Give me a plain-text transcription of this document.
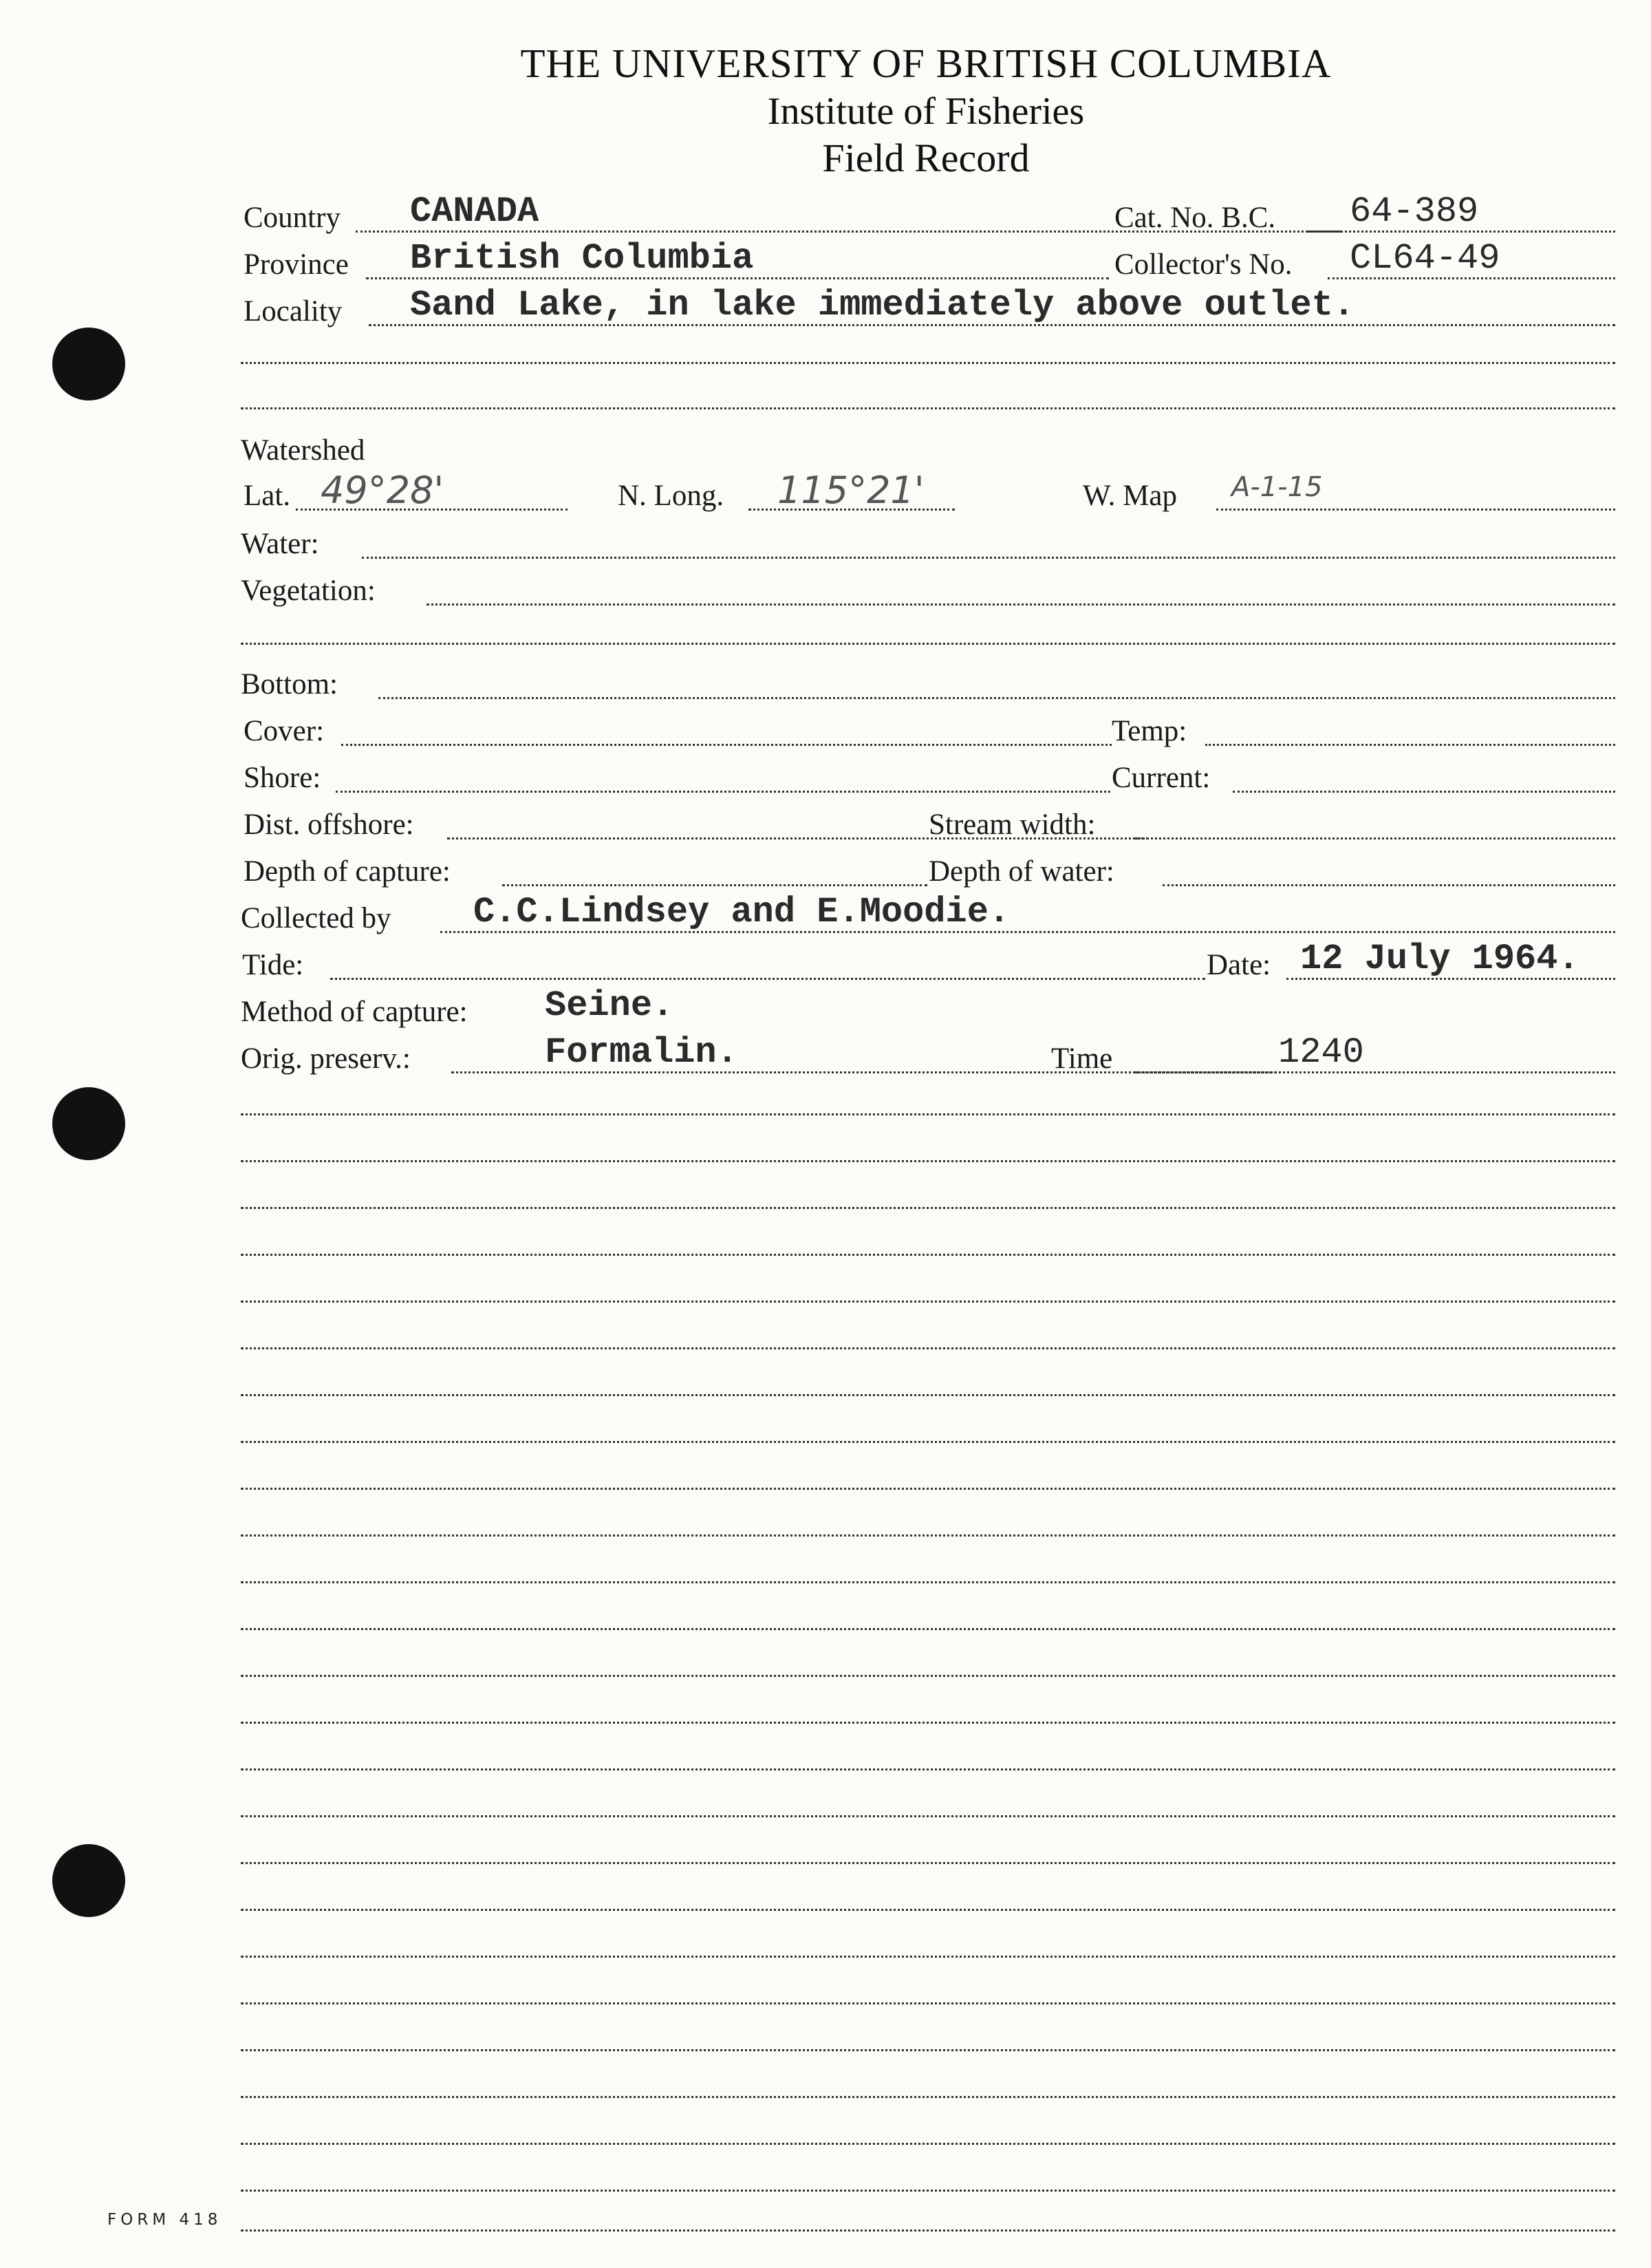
THE UNIVERSITY OF BRITISH COLUMBIA
Institute of Fisheries
Field Record
Country CANADA	Cat. No. B.C. 64-389
Province British Columbia	Collector's No. CL64-49
Locality Sand Lake, in lake immediately above outlet.
Watershed
Lat. 49°28'	N. Long. 115°21'	W. Map A-1-15
Water:
Vegetation:
Bottom:
Cover:	Temp:
Shore:	Current:
Dist. offshore:	Stream width:
Depth of capture:	Depth of water:
Collected by C.C.Lindsey and E.Moodie.
Tide:	Date: 12 July 1964.
Method of capture: Seine.
Orig. preserv.:	Formalin.	Time	1240
FORM 418
